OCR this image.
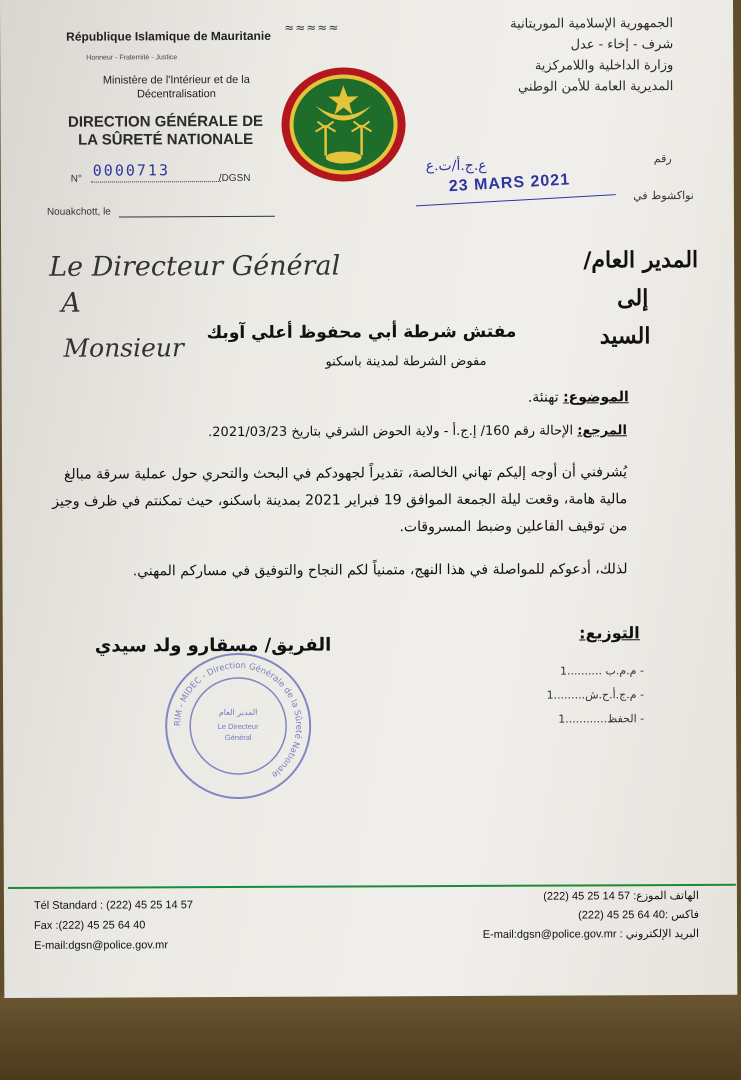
République Islamique de Mauritanie
Honneur - Fraternité - Justice
Ministère de l'Intérieur et de la Décentralisation
DIRECTION GÉNÉRALE DE LA SÛRETÉ NATIONALE
N° 0000713	/DGSN
Nouakchott, le
≈≈≈≈≈	الجمهورية الإسلامية الموريتانية
شرف - إخاء - عدل
وزارة الداخلية واللامركزية
المديرية العامة للأمن الوطني
رقم
نواكشوط في
ع.ج.أ/ت.ع
23 MARS 2021
Le Directeur Général
A
Monsieur
المدير العام/
إلى
السيد
مفتش شرطة أبي محفوظ أعلي آوبك
مفوض الشرطة لمدينة باسكنو
الموضوع: تهنئة.
المرجع: الإحالة رقم 160/ إ.ج.أ - ولاية الحوض الشرقي بتاريخ 2021/03/23.
يُشرفني أن أوجه إليكم تهاني الخالصة، تقديراً لجهودكم في البحث والتحري حول عملية سرقة مبالغ مالية هامة، وقعت ليلة الجمعة الموافق 19 فبراير 2021 بمدينة باسكنو، حيث تمكنتم في ظرف وجيز من توقيف الفاعلين وضبط المسروقات.
لذلك، أدعوكم للمواصلة في هذا النهج، متمنياً لكم النجاح والتوفيق في مساركم المهني.
الفريق/ مسقارو ولد سيدي
التوزيع:
- م.م.ب ..........1
- م.ج.أ.ح.ش.........1
- الحفظ............1
RIM - MIDEC - Direction Générale de la Sûreté Nationale
المدير العام
Le Directeur
Général
Tél Standard : (222) 45 25 14 57
Fax :(222) 45 25 64 40
E-mail:dgsn@police.gov.mr
الهاتف الموزع: 57 14 25 45 (222)
فاكس :40 64 25 45 (222)
البريد الإلكتروني : E-mail:dgsn@police.gov.mr
